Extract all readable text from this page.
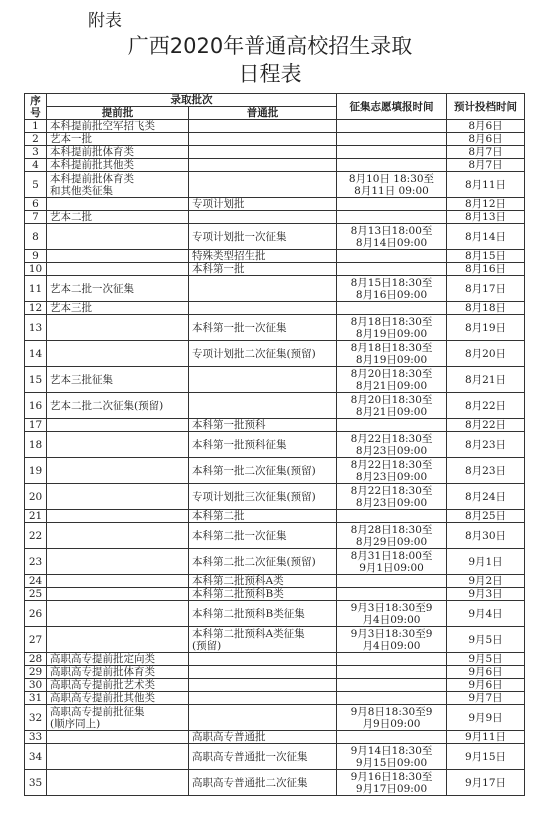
附表
广西2020年普通高校招生录取
日程表
序号	录取批次		征集志愿填报时间	预计投档时间
	提前批	普通批		
1	本科提前批空军招飞类			8月6日
2	艺本一批			8月6日
3	本科提前批体育类			8月7日
4	本科提前批其他类			8月7日
5	本科提前批体育类
和其他类征集		8月10日 18:30至
8月11日 09:00	8月11日
6		专项计划批		8月12日
7	艺本二批			8月13日
8		专项计划批一次征集	8月13日18:00至
8月14日09:00	8月14日
9		特殊类型招生批		8月15日
10		本科第一批		8月16日
11	艺本二批一次征集		8月15日18:30至
8月16日09:00	8月17日
12	艺本三批			8月18日
13		本科第一批一次征集	8月18日18:30至
8月19日09:00	8月19日
14		专项计划批二次征集(预留)	8月18日18:30至
8月19日09:00	8月20日
15	艺本三批征集		8月20日18:30至
8月21日09:00	8月21日
16	艺本二批二次征集(预留)		8月20日18:30至
8月21日09:00	8月22日
17		本科第一批预科		8月22日
18		本科第一批预科征集	8月22日18:30至
8月23日09:00	8月23日
19		本科第一批二次征集(预留)	8月22日18:30至
8月23日09:00	8月23日
20		专项计划批三次征集(预留)	8月22日18:30至
8月23日09:00	8月24日
21		本科第二批		8月25日
22		本科第二批一次征集	8月28日18:30至
8月29日09:00	8月30日
23		本科第二批二次征集(预留)	8月31日18:00至
9月1日09:00	9月1日
24		本科第二批预科A类		9月2日
25		本科第二批预科B类		9月3日
26		本科第二批预科B类征集	9月3日18:30至9
月4日09:00	9月4日
27		本科第二批预科A类征集
(预留)	9月3日18:30至9
月4日09:00	9月5日
28	高职高专提前批定向类			9月5日
29	高职高专提前批体育类			9月6日
30	高职高专提前批艺术类			9月6日
31	高职高专提前批其他类			9月7日
32	高职高专提前批征集
(顺序同上)		9月8日18:30至9
月9日09:00	9月9日
33		高职高专普通批		9月11日
34		高职高专普通批一次征集	9月14日18:30至
9月15日09:00	9月15日
35		高职高专普通批二次征集	9月16日18:30至
9月17日09:00	9月17日
